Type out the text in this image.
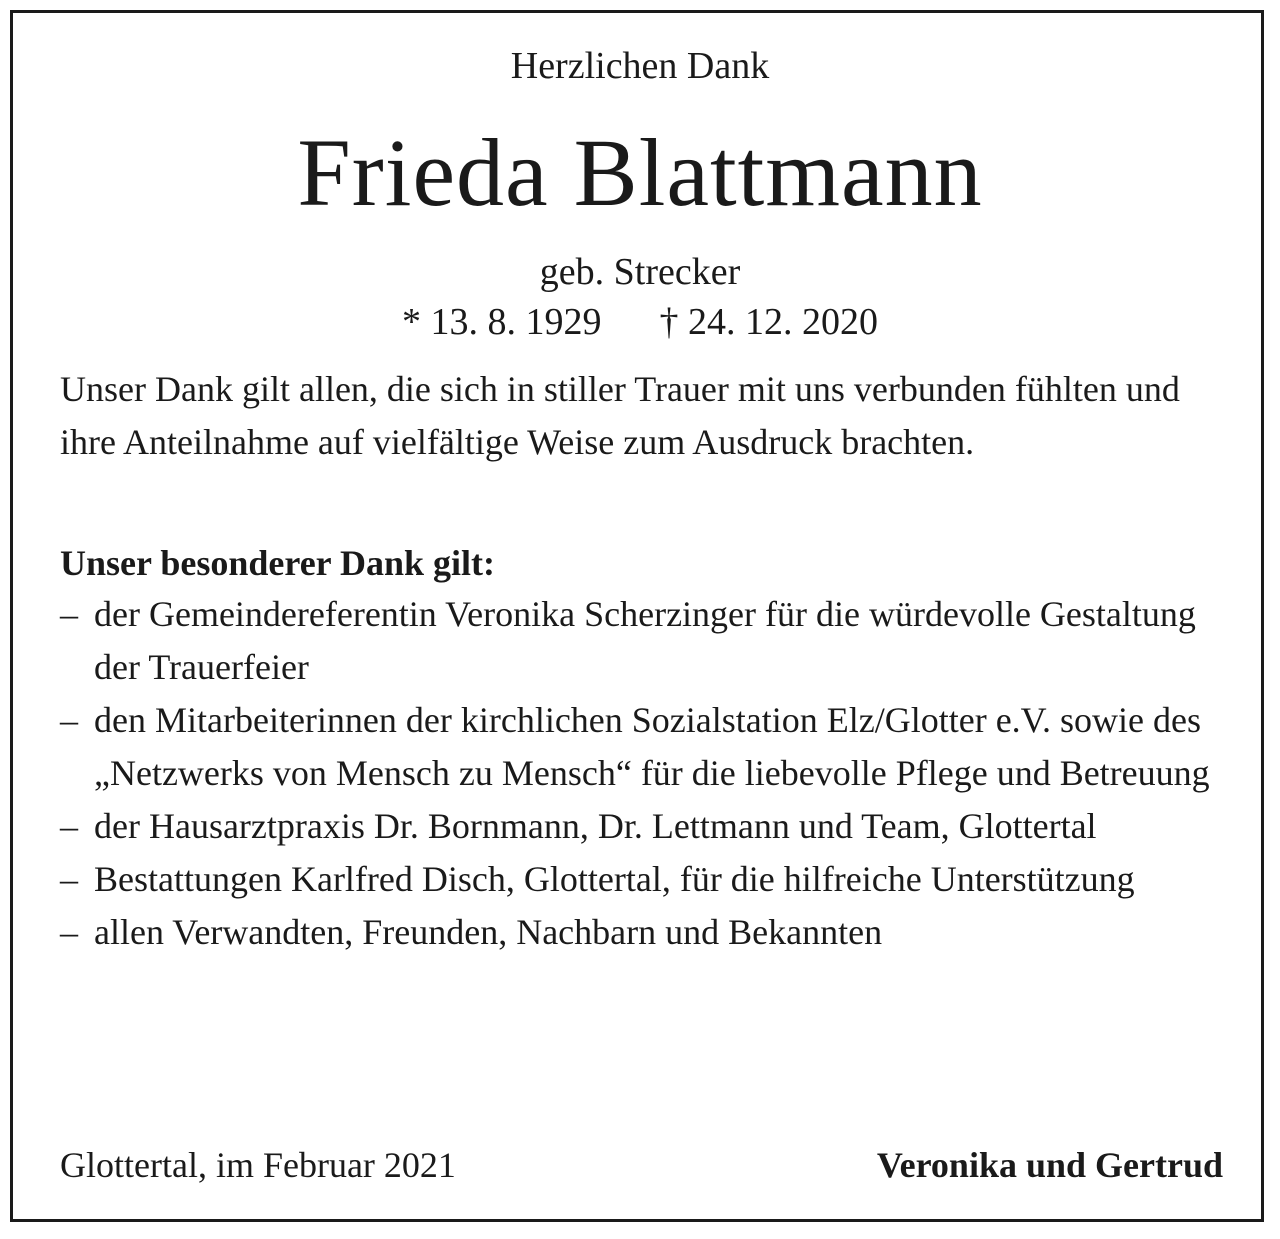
Herzlichen Dank
Frieda Blattmann
geb. Strecker
* 13. 8. 1929 † 24. 12. 2020
Unser Dank gilt allen, die sich in stiller Trauer mit uns verbunden fühlten und ihre Anteilnahme auf vielfältige Weise zum Ausdruck brachten.
Unser besonderer Dank gilt:
– der Gemeindereferentin Veronika Scherzinger für die würdevolle Gestaltung der Trauerfeier
– den Mitarbeiterinnen der kirchlichen Sozialstation Elz/Glotter e.V. sowie des „Netzwerks von Mensch zu Mensch“ für die liebevolle Pflege und Betreuung
– der Hausarztpraxis Dr. Bornmann, Dr. Lettmann und Team, Glottertal
– Bestattungen Karlfred Disch, Glottertal, für die hilfreiche Unterstützung
– allen Verwandten, Freunden, Nachbarn und Bekannten
Glottertal, im Februar 2021	Veronika und Gertrud
